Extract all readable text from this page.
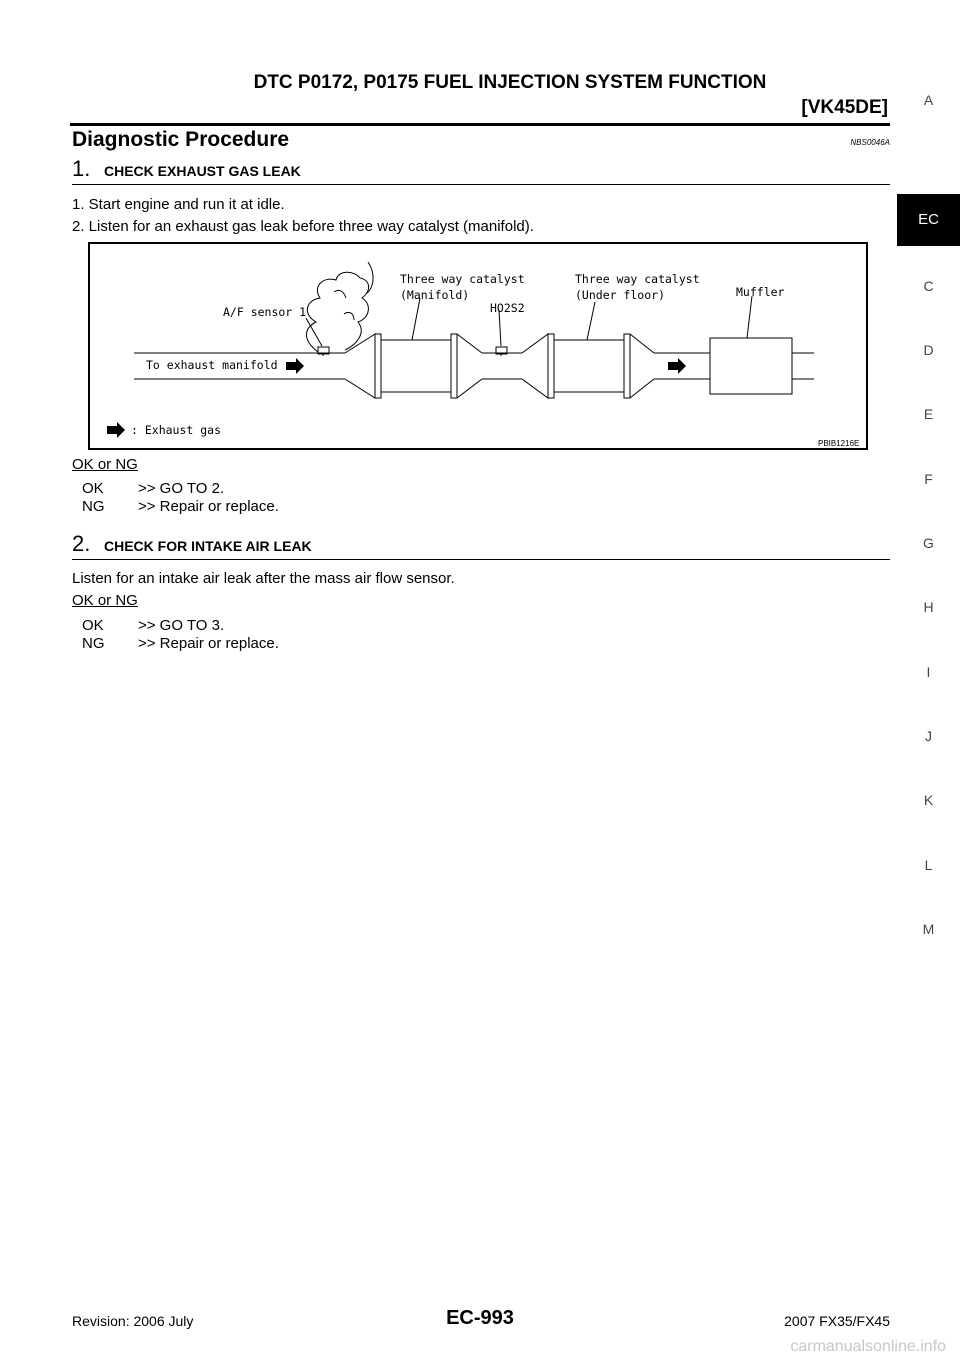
DTC P0172, P0175 FUEL INJECTION SYSTEM FUNCTION
[VK45DE]
Diagnostic Procedure	NBS0046A
1. CHECK EXHAUST GAS LEAK
1. Start engine and run it at idle.
2. Listen for an exhaust gas leak before three way catalyst (manifold).
A/F sensor 1
Three way catalyst
(Manifold)
HO2S2
Three way catalyst
(Under floor)	Muffler
To exhaust manifold
: Exhaust gas
PBIB1216E
OK or NG
OK >> GO TO 2.
NG >> Repair or replace.
2. CHECK FOR INTAKE AIR LEAK
Listen for an intake air leak after the mass air flow sensor.
OK or NG
OK >> GO TO 3.
NG >> Repair or replace.
A
EC
C
D
E
F
G
H
I
J
K
L
M
Revision: 2006 July	EC-993	2007 FX35/FX45
carmanualsonline.info
